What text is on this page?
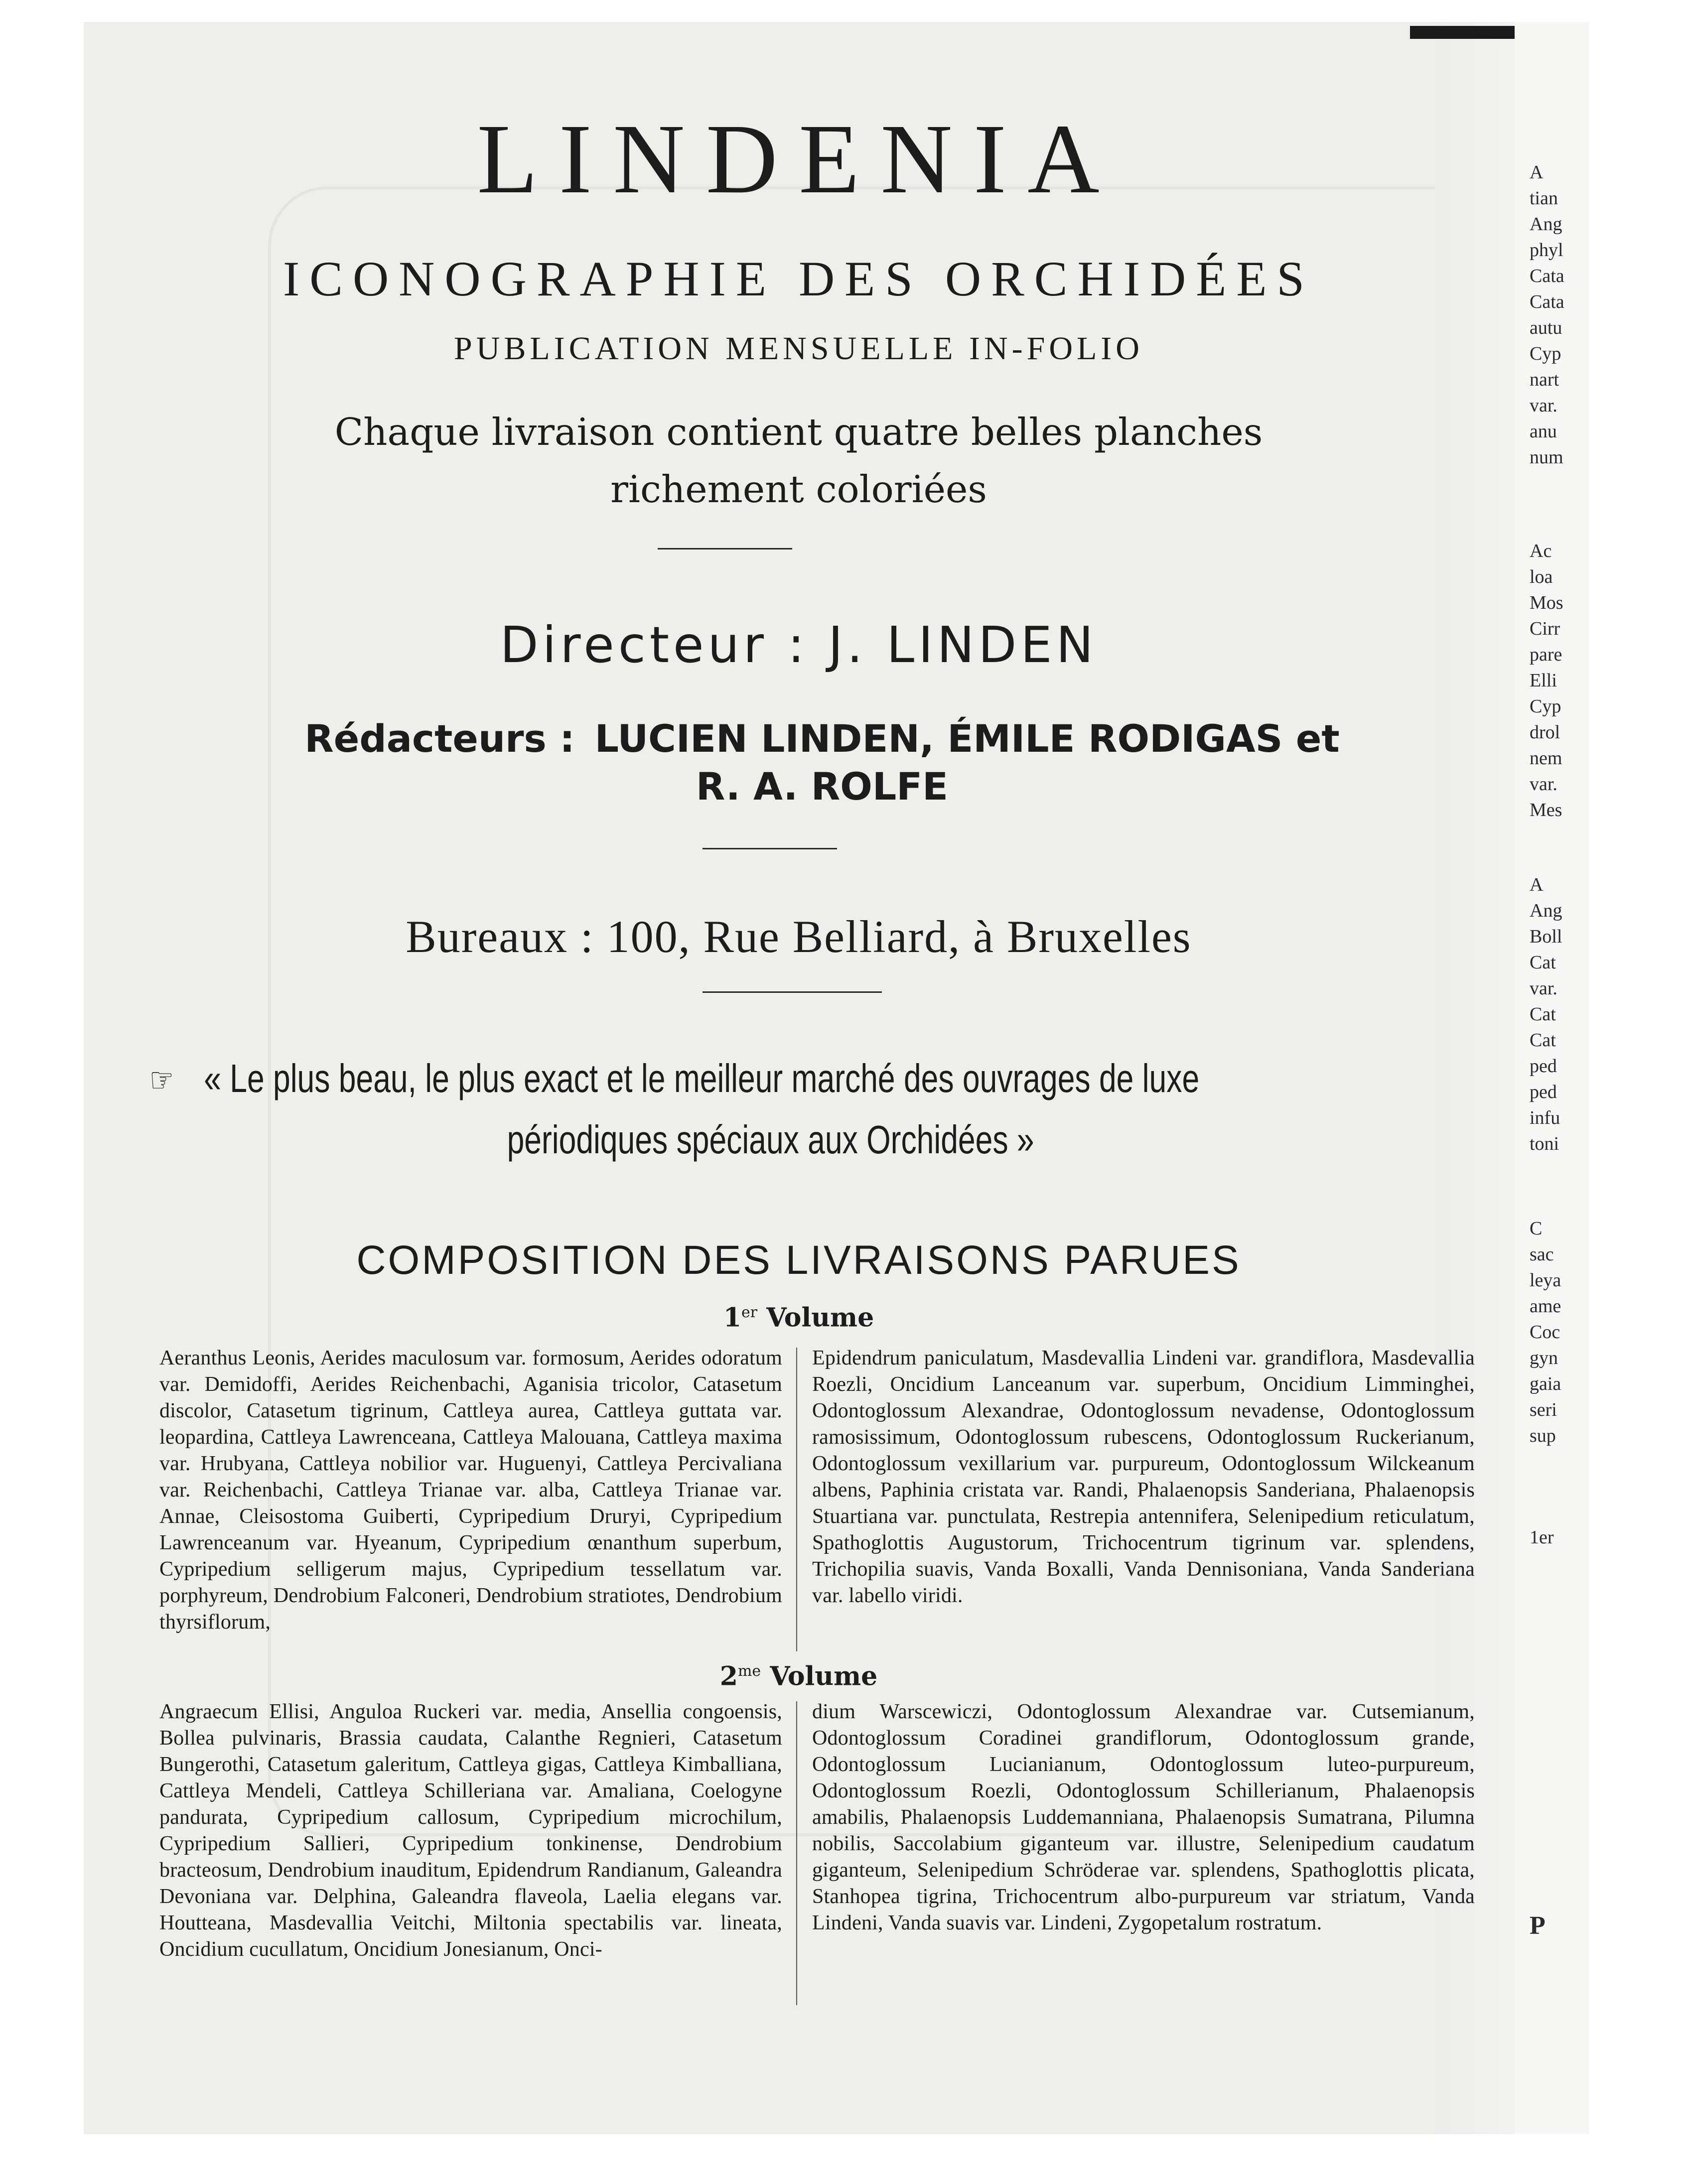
LINDENIA
ICONOGRAPHIE DES ORCHIDÉES
PUBLICATION MENSUELLE IN-FOLIO
Chaque livraison contient quatre belles planches
richement coloriées
Directeur : J. LINDEN
Rédacteurs : LUCIEN LINDEN, ÉMILE RODIGAS et
R. A. ROLFE
Bureaux : 100, Rue Belliard, à Bruxelles
☞ « Le plus beau, le plus exact et le meilleur marché des ouvrages de luxe
périodiques spéciaux aux Orchidées »
COMPOSITION DES LIVRAISONS PARUES
1er Volume
Aeranthus Leonis, Aerides maculosum var. formosum, Aerides odoratum var. Demidoffi, Aerides Reichenbachi, Aganisia tricolor, Catasetum discolor, Catasetum tigrinum, Cattleya aurea, Cattleya guttata var. leopardina, Cattleya Lawrenceana, Cattleya Malouana, Cattleya maxima var. Hrubyana, Cattleya nobilior var. Huguenyi, Cattleya Percivaliana var. Reichenbachi, Cattleya Trianae var. alba, Cattleya Trianae var. Annae, Cleisostoma Guiberti, Cypripedium Druryi, Cypripedium Lawrenceanum var. Hyeanum, Cypripedium œnanthum superbum, Cypripedium selligerum majus, Cypripedium tessellatum var. porphyreum, Dendrobium Falconeri, Dendrobium stratiotes, Dendrobium thyrsiflorum,
Epidendrum paniculatum, Masdevallia Lindeni var. grandiflora, Masdevallia Roezli, Oncidium Lanceanum var. superbum, Oncidium Limminghei, Odontoglossum Alexandrae, Odontoglossum nevadense, Odontoglossum ramosissimum, Odontoglossum rubescens, Odontoglossum Ruckerianum, Odontoglossum vexillarium var. purpureum, Odontoglossum Wilckeanum albens, Paphinia cristata var. Randi, Phalaenopsis Sanderiana, Phalaenopsis Stuartiana var. punctulata, Restrepia antennifera, Selenipedium reticulatum, Spathoglottis Augustorum, Trichocentrum tigrinum var. splendens, Trichopilia suavis, Vanda Boxalli, Vanda Dennisoniana, Vanda Sanderiana var. labello viridi.
$2^{me}$ Volume
Angraecum Ellisi, Anguloa Ruckeri var. media, Ansellia congoensis, Bollea pulvinaris, Brassia caudata, Calanthe Regnieri, Catasetum Bungerothi, Catasetum galeritum, Cattleya gigas, Cattleya Kimballiana, Cattleya Mendeli, Cattleya Schilleriana var. Amaliana, Coelogyne pandurata, Cypripedium callosum, Cypripedium microchilum, Cypripedium Sallieri, Cypripedium tonkinense, Dendrobium bracteosum, Dendrobium inauditum, Epidendrum Randianum, Galeandra Devoniana var. Delphina, Galeandra flaveola, Laelia elegans var. Houtteana, Masdevallia Veitchi, Miltonia spectabilis var. lineata, Oncidium cucullatum, Oncidium Jonesianum, Onci-
dium Warscewiczi, Odontoglossum Alexandrae var. Cutsemianum, Odontoglossum Coradinei grandiflorum, Odontoglossum grande, Odontoglossum Lucianianum, Odontoglossum luteo-purpureum, Odontoglossum Roezli, Odontoglossum Schillerianum, Phalaenopsis amabilis, Phalaenopsis Luddemanniana, Phalaenopsis Sumatrana, Pilumna nobilis, Saccolabium giganteum var. illustre, Selenipedium caudatum giganteum, Selenipedium Schröderae var. splendens, Spathoglottis plicata, Stanhopea tigrina, Trichocentrum albo-purpureum var striatum, Vanda Lindeni, Vanda suavis var. Lindeni, Zygopetalum rostratum.
A
tian
Ang
phyl
Cata
Cata
autu
Cyp
nart
var.
anu
num
Ac
loa
Mos
Cirr
pare
Elli
Cyp
drol
nem
var.
Mes
A
Ang
Boll
Cat
var.
Cat
Cat
ped
ped
infu
toni
C
sac
leya
ame
Coc
gyn
gaia
seri
sup
1er
P
